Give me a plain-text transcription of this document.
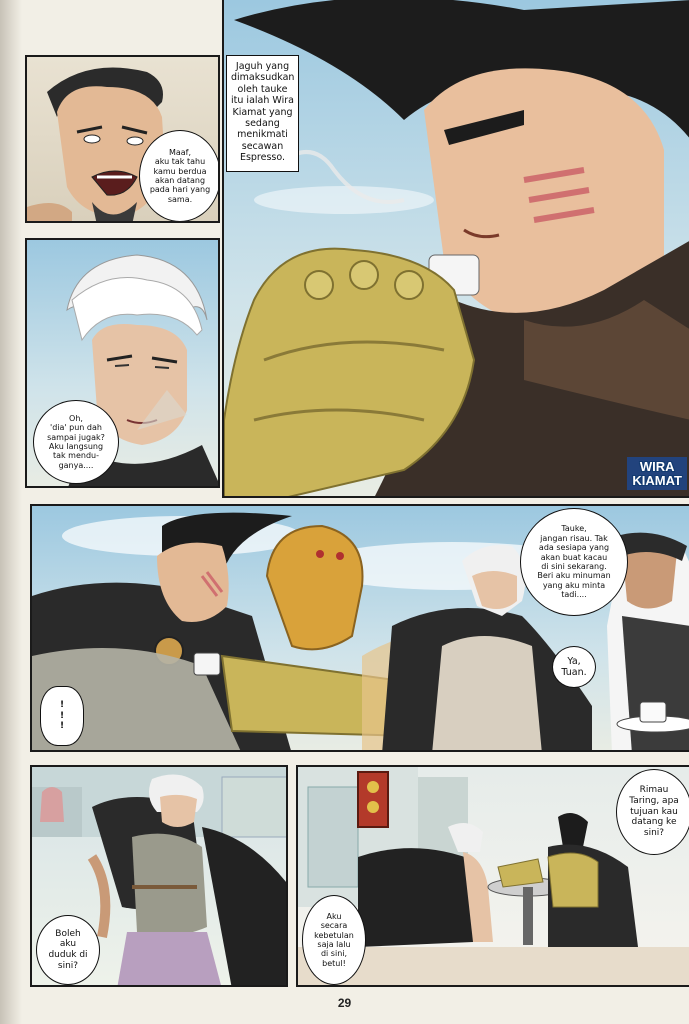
Maaf,
aku tak tahu
kamu berdua
akan datang
pada hari yang
sama.
Oh,
'dia' pun dah
sampai jugak?
Aku langsung
tak mendu-
ganya....
Jaguh yang
dimaksudkan
oleh tauke
itu ialah Wira
Kiamat yang
sedang
menikmati
secawan
Espresso.
WIRA
KIAMAT
!
!
!
Tauke,
jangan risau. Tak
ada sesiapa yang
akan buat kacau
di sini sekarang.
Beri aku minuman
yang aku minta
tadi....
Ya,
Tuan.
Boleh
aku
duduk di
sini?
Rimau
Taring, apa
tujuan kau
datang ke
sini?
Aku
secara
kebetulan
saja lalu
di sini,
betul!
29
